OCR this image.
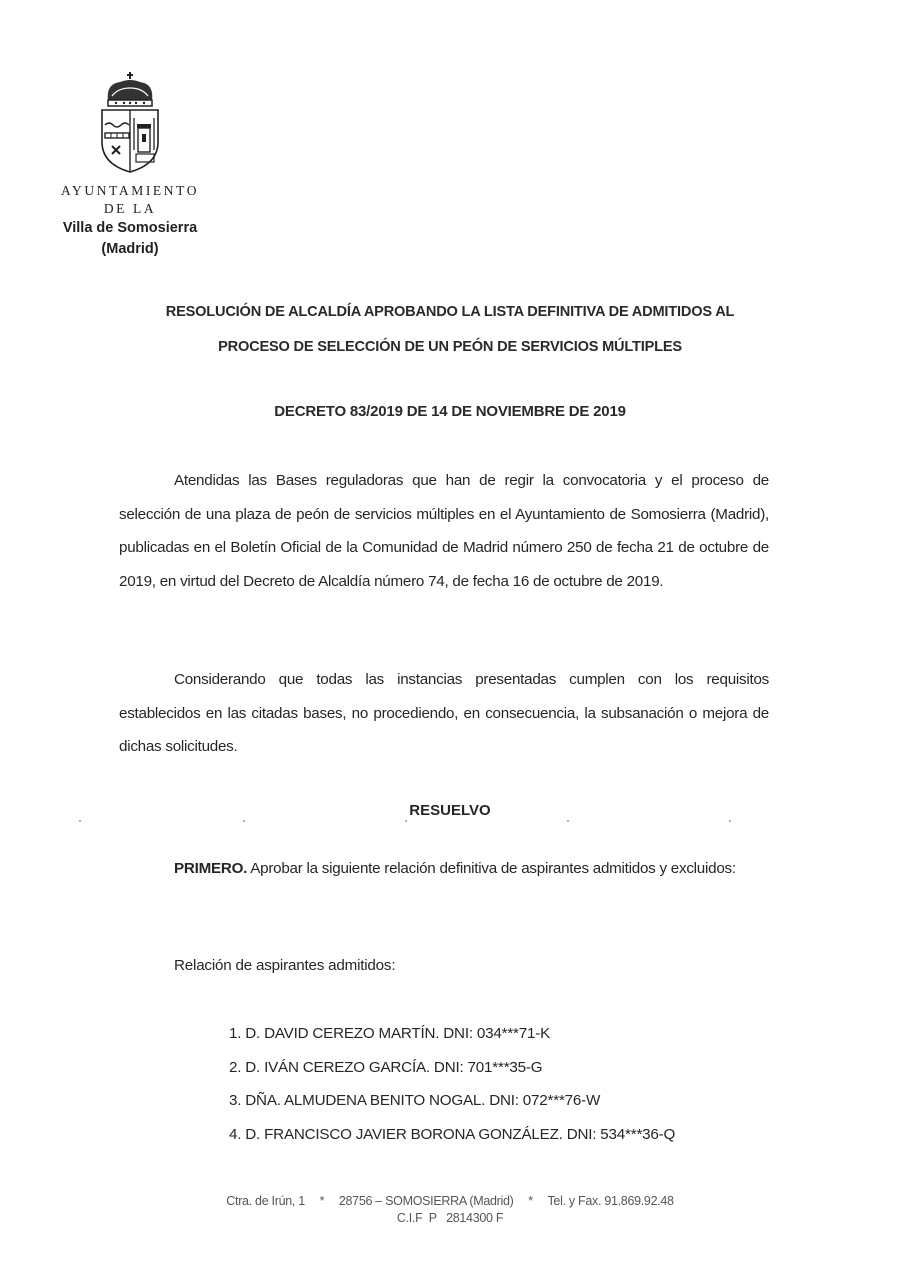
AYUNTAMIENTO
DE LA
Villa de Somosierra
(Madrid)
RESOLUCIÓN DE ALCALDÍA APROBANDO LA LISTA DEFINITIVA DE ADMITIDOS AL
PROCESO DE SELECCIÓN DE UN PEÓN DE SERVICIOS MÚLTIPLES
DECRETO 83/2019 DE 14 DE NOVIEMBRE DE 2019
Atendidas las Bases reguladoras que han de regir la convocatoria y el proceso de selección de una plaza de peón de servicios múltiples en el Ayuntamiento de Somosierra (Madrid), publicadas en el Boletín Oficial de la Comunidad de Madrid número 250 de fecha 21 de octubre de 2019, en virtud del Decreto de Alcaldía número 74, de fecha 16 de octubre de 2019.
Considerando que todas las instancias presentadas cumplen con los requisitos establecidos en las citadas bases, no procediendo, en consecuencia, la subsanación o mejora de dichas solicitudes.
RESUELVO
PRIMERO. Aprobar la siguiente relación definitiva de aspirantes admitidos y excluidos:
Relación de aspirantes admitidos:
1. D. DAVID CEREZO MARTÍN. DNI: 034***71-K
2. D. IVÁN CEREZO GARCÍA. DNI: 701***35-G
3. DÑA. ALMUDENA BENITO NOGAL. DNI: 072***76-W
4. D. FRANCISCO JAVIER BORONA GONZÁLEZ. DNI: 534***36-Q
Ctra. de Irún, 1 * 28756 – SOMOSIERRA (Madrid) * Tel. y Fax. 91.869.92.48
C.I.F  P   2814300 F
